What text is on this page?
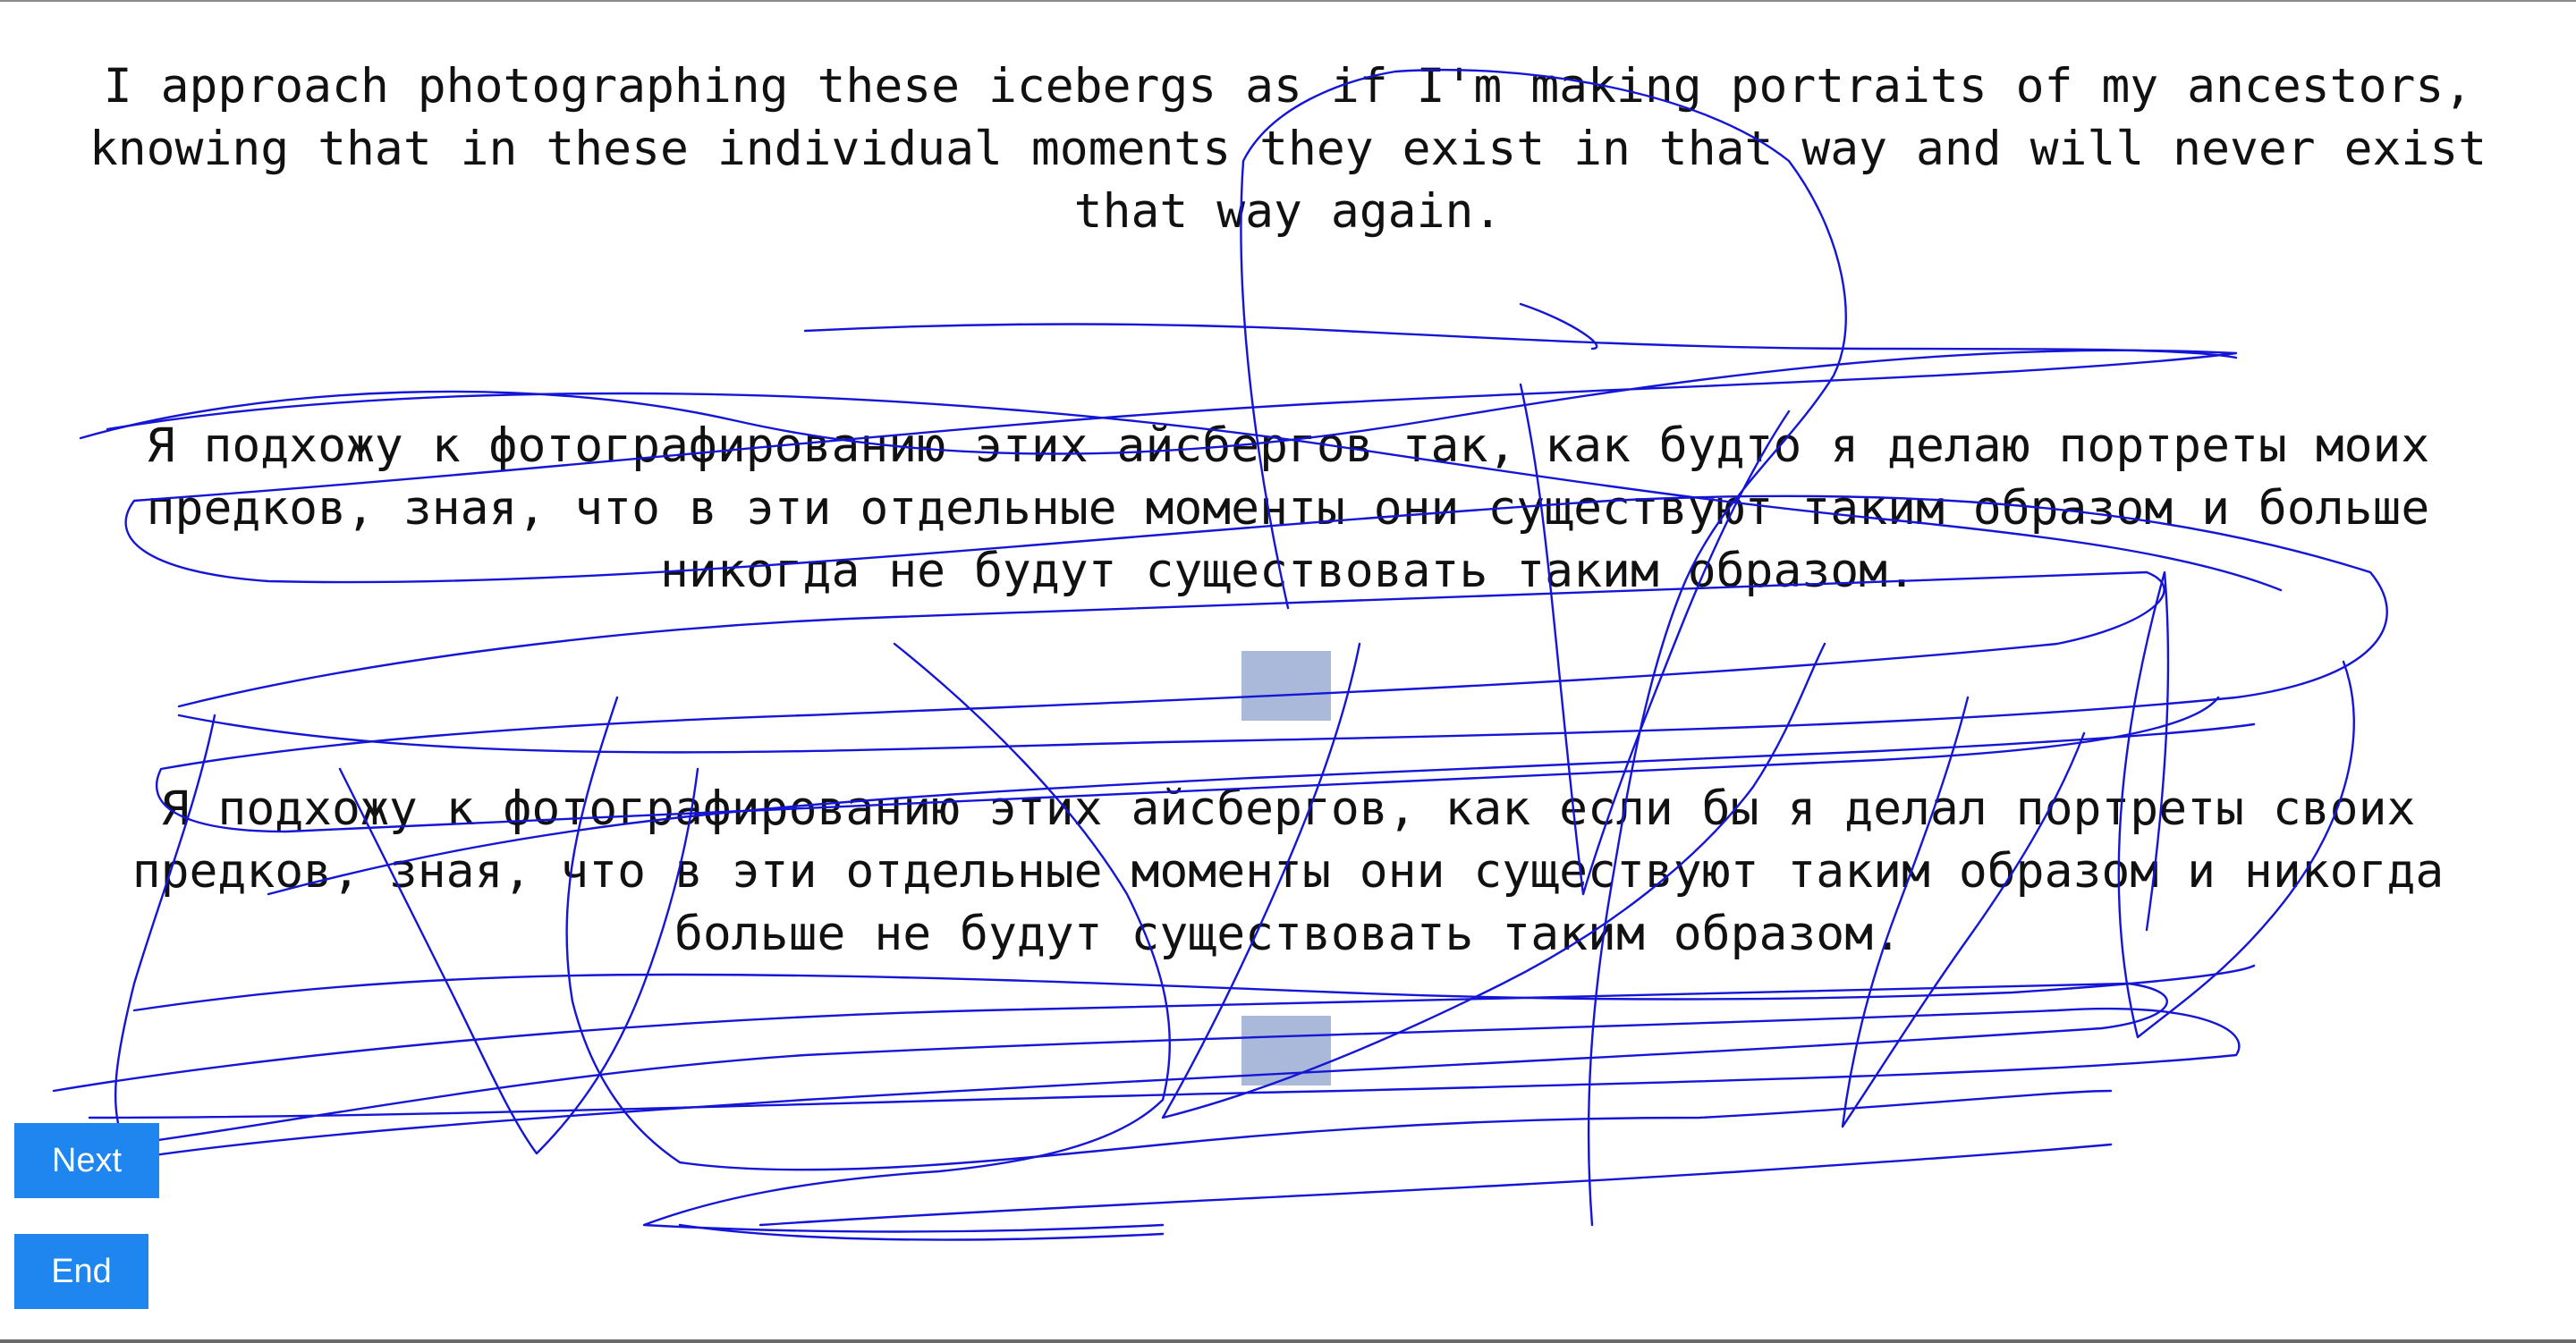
I approach photographing these icebergs as if I'm making portraits of my ancestors, knowing that in these individual moments they exist in that way and will never exist that way again.
Я подхожу к фотографированию этих айсбергов так, как будто я делаю портреты моих предков, зная, что в эти отдельные моменты они существуют таким образом и больше никогда не будут существовать таким образом.
Я подхожу к фотографированию этих айсбергов, как если бы я делал портреты своих предков, зная, что в эти отдельные моменты они существуют таким образом и никогда больше не будут существовать таким образом.
Next
End
